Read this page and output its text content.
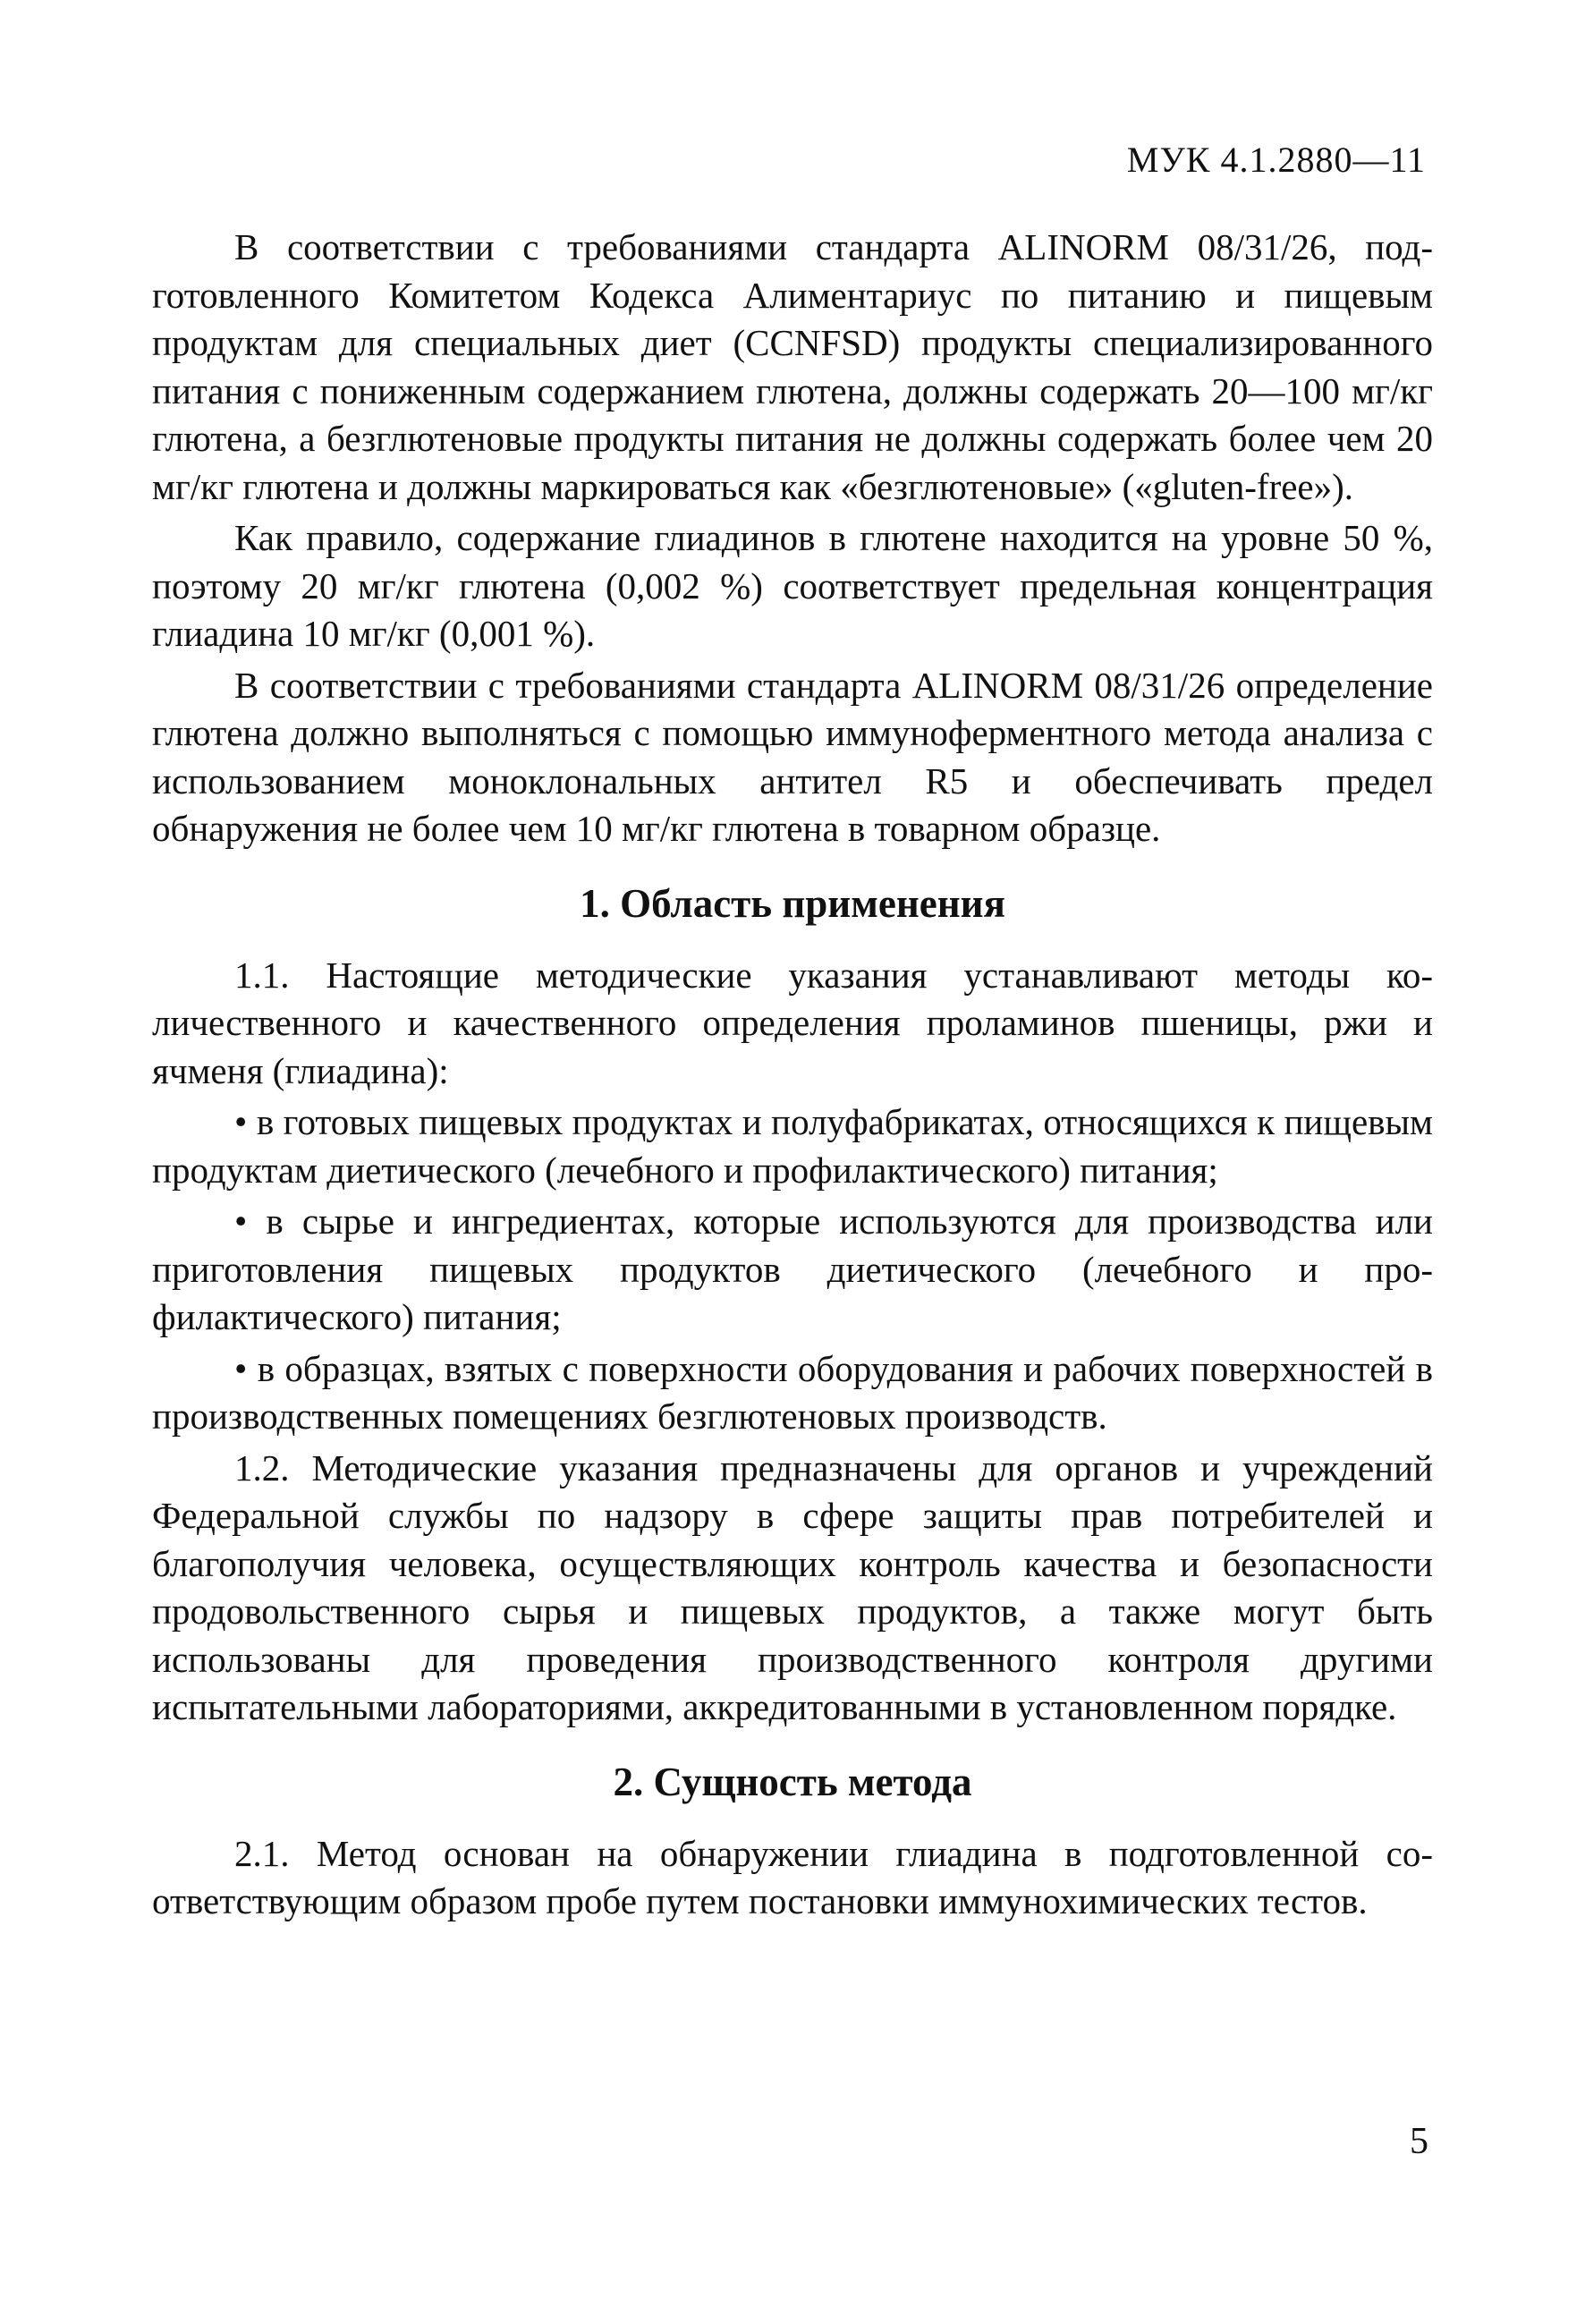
МУК 4.1.2880—11

В соответствии с требованиями стандарта ALINORM 08/31/26, подготовленного Комитетом Кодекса Алиментариус по питанию и пищевым продуктам для специальных диет (CCNFSD) продукты специализированного питания с пониженным содержанием глютена, должны содержать 20—100 мг/кг глютена, а безглютеновые продукты питания не должны содержать более чем 20 мг/кг глютена и должны маркироваться как «безглютеновые» («gluten-free»).

Как правило, содержание глиадинов в глютене находится на уровне 50 %, поэтому 20 мг/кг глютена (0,002 %) соответствует предельная концентрация глиадина 10 мг/кг (0,001 %).

В соответствии с требованиями стандарта ALINORM 08/31/26 определение глютена должно выполняться с помощью иммуноферментного метода анализа с использованием моноклональных антител R5 и обеспечивать предел обнаружения не более чем 10 мг/кг глютена в товарном образце.

1. Область применения

1.1. Настоящие методические указания устанавливают методы количественного и качественного определения проламинов пшеницы, ржи и ячменя (глиадина):

• в готовых пищевых продуктах и полуфабрикатах, относящихся к пищевым продуктам диетического (лечебного и профилактического) питания;

• в сырье и ингредиентах, которые используются для производства или приготовления пищевых продуктов диетического (лечебного и профилактического) питания;

• в образцах, взятых с поверхности оборудования и рабочих поверхностей в производственных помещениях безглютеновых производств.

1.2. Методические указания предназначены для органов и учреждений Федеральной службы по надзору в сфере защиты прав потребителей и благополучия человека, осуществляющих контроль качества и безопасности продовольственного сырья и пищевых продуктов, а также могут быть использованы для проведения производственного контроля другими испытательными лабораториями, аккредитованными в установленном порядке.

2. Сущность метода

2.1. Метод основан на обнаружении глиадина в подготовленной соответствующим образом пробе путем постановки иммунохимических тестов.

5
